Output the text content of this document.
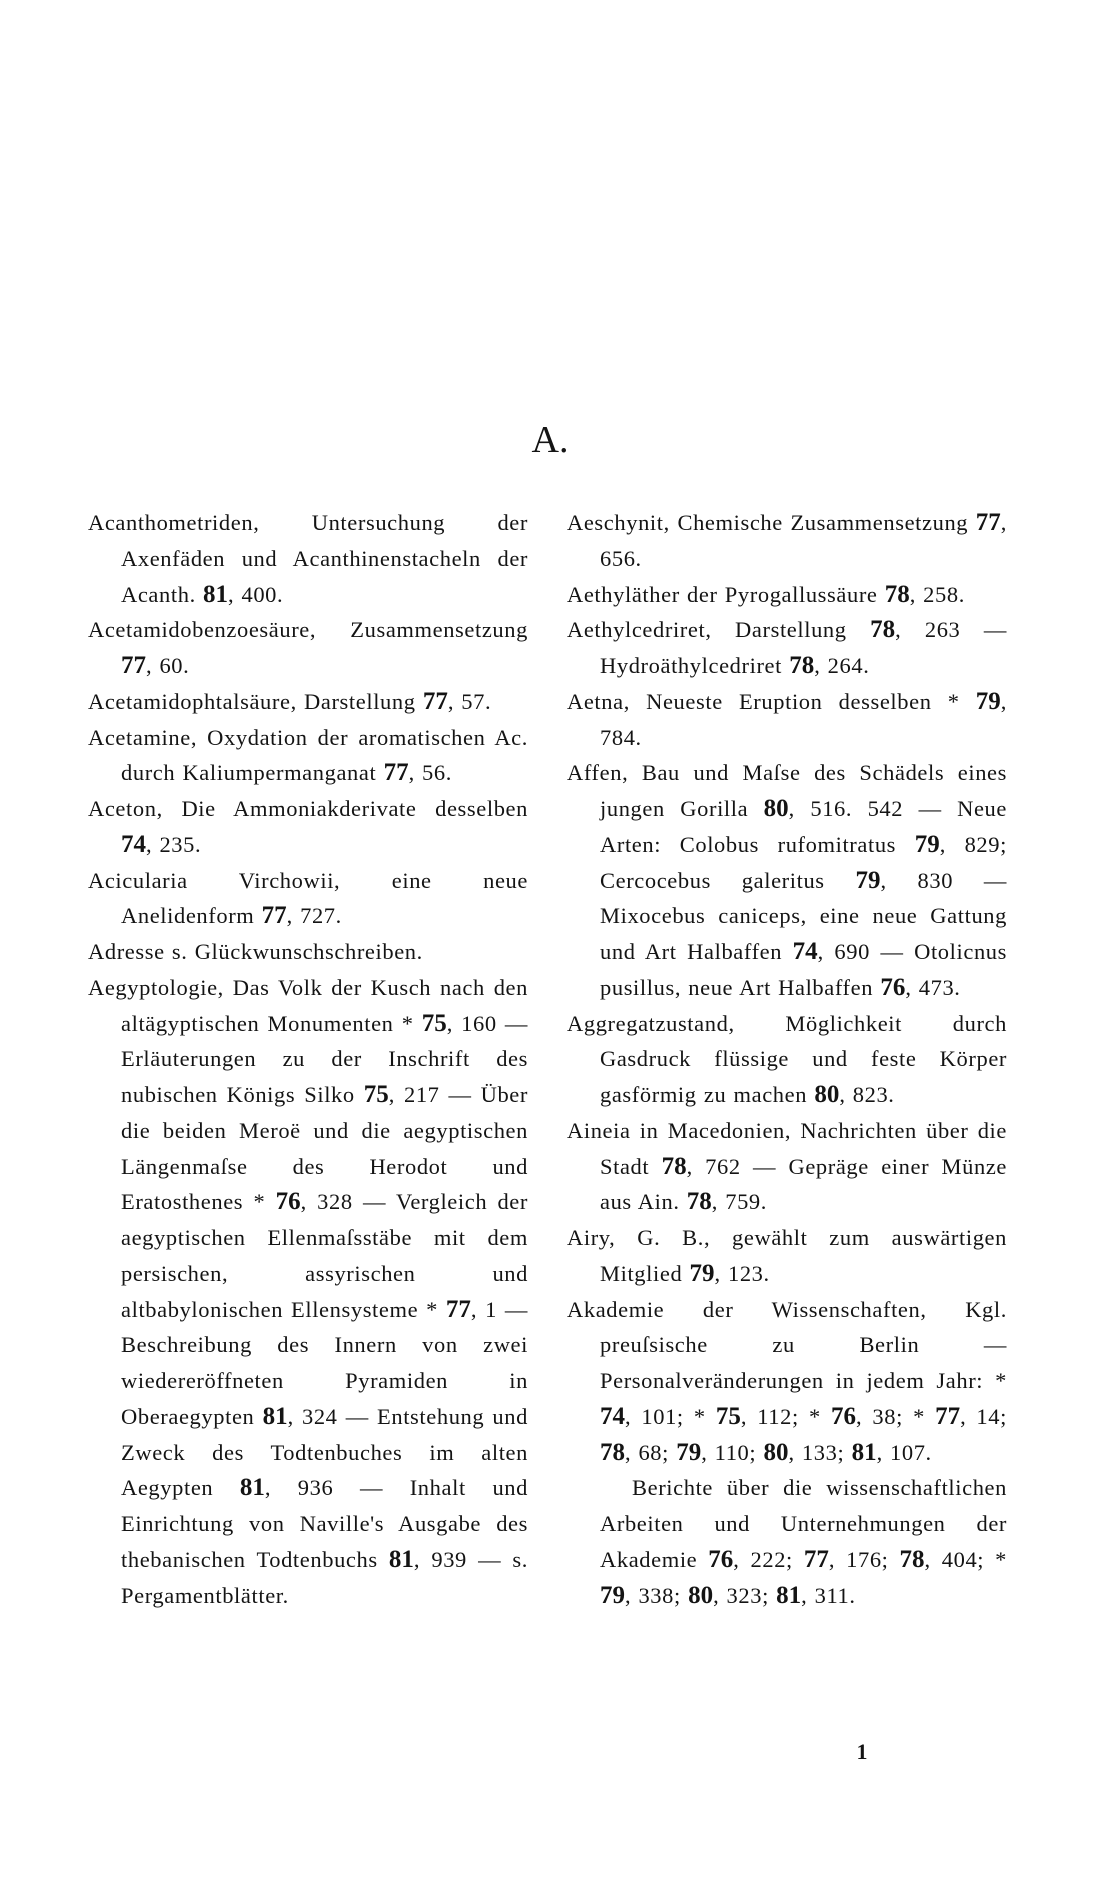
A.

Acanthometriden, Untersuchung der Axenfäden und Acanthinenstacheln der Acanth. 81, 400.

Acetamidobenzoesäure, Zusammensetzung 77, 60.

Acetamidophtalsäure, Darstellung 77, 57.

Acetamine, Oxydation der aromatischen Ac. durch Kaliumpermanganat 77, 56.

Aceton, Die Ammoniakderivate desselben 74, 235.

Acicularia Virchowii, eine neue Anelidenform 77, 727.

Adresse s. Glückwunschschreiben.

Aegyptologie, Das Volk der Kusch nach den altägyptischen Monumenten * 75, 160 — Erläuterungen zu der Inschrift des nubischen Königs Silko 75, 217 — Über die beiden Meroë und die aegyptischen Längenmaſse des Herodot und Eratosthenes * 76, 328 — Vergleich der aegyptischen Ellenmaſsstäbe mit dem persischen, assyrischen und altbabylonischen Ellensysteme * 77, 1 — Beschreibung des Innern von zwei wiedereröffneten Pyramiden in Oberaegypten 81, 324 — Entstehung und Zweck des Todtenbuches im alten Aegypten 81, 936 — Inhalt und Einrichtung von Naville's Ausgabe des thebanischen Todtenbuchs 81, 939 — s. Pergamentblätter.

Aeschynit, Chemische Zusammensetzung 77, 656.

Aethyläther der Pyrogallussäure 78, 258.

Aethylcedriret, Darstellung 78, 263 — Hydroäthylcedriret 78, 264.

Aetna, Neueste Eruption desselben * 79, 784.

Affen, Bau und Maſse des Schädels eines jungen Gorilla 80, 516. 542 — Neue Arten: Colobus rufomitratus 79, 829; Cercocebus galeritus 79, 830 — Mixocebus caniceps, eine neue Gattung und Art Halbaffen 74, 690 — Otolicnus pusillus, neue Art Halbaffen 76, 473.

Aggregatzustand, Möglichkeit durch Gasdruck flüssige und feste Körper gasförmig zu machen 80, 823.

Aineia in Macedonien, Nachrichten über die Stadt 78, 762 — Gepräge einer Münze aus Ain. 78, 759.

Airy, G. B., gewählt zum auswärtigen Mitglied 79, 123.

Akademie der Wissenschaften, Kgl. preuſsische zu Berlin — Personalveränderungen in jedem Jahr: * 74, 101; * 75, 112; * 76, 38; * 77, 14; 78, 68; 79, 110; 80, 133; 81, 107.

Berichte über die wissenschaftlichen Arbeiten und Unternehmungen der Akademie 76, 222; 77, 176; 78, 404; * 79, 338; 80, 323; 81, 311.

1
